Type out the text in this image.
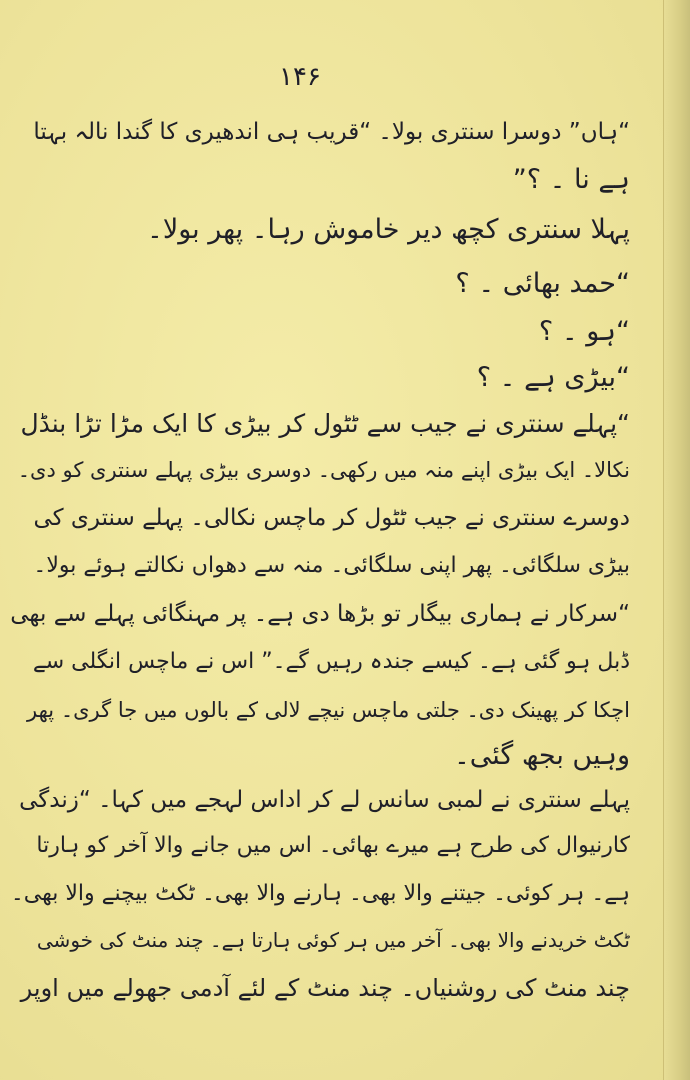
۱۴۶
“ہاں” دوسرا سنتری بولا۔ “قریب ہی اندھیری کا گندا نالہ بہتا
ہے نا ۔ ؟”
پہلا سنتری کچھ دیر خاموش رہا۔ پھر بولا۔
“حمد بھائی ۔ ؟
“ہو ۔ ؟
“بیڑی ہے ۔ ؟
“پہلے سنتری نے جیب سے ٹٹول کر بیڑی کا ایک مڑا تڑا بنڈل
نکالا۔ ایک بیڑی اپنے منہ میں رکھی۔ دوسری بیڑی پہلے سنتری کو دی۔
دوسرے سنتری نے جیب ٹٹول کر ماچس نکالی۔ پہلے سنتری کی
بیڑی سلگائی۔ پھر اپنی سلگائی۔ منہ سے دھواں نکالتے ہوئے بولا۔
“سرکار نے ہماری بیگار تو بڑھا دی ہے۔ پر مہنگائی پہلے سے بھی
ڈبل ہو گئی ہے۔ کیسے جندہ رہیں گے۔” اس نے ماچس انگلی سے
اچکا کر پھینک دی۔ جلتی ماچس نیچے لالی کے بالوں میں جا گری۔ پھر
وہیں بجھ گئی۔
پہلے سنتری نے لمبی سانس لے کر اداس لہجے میں کہا۔ “زندگی
کارنیوال کی طرح ہے میرے بھائی۔ اس میں جانے والا آخر کو ہارتا
ہے۔ ہر کوئی۔ جیتنے والا بھی۔ ہارنے والا بھی۔ ٹکٹ بیچنے والا بھی۔
ٹکٹ خریدنے والا بھی۔ آخر میں ہر کوئی ہارتا ہے۔ چند منٹ کی خوشی
چند منٹ کی روشنیاں۔ چند منٹ کے لئے آدمی جھولے میں اوپر
